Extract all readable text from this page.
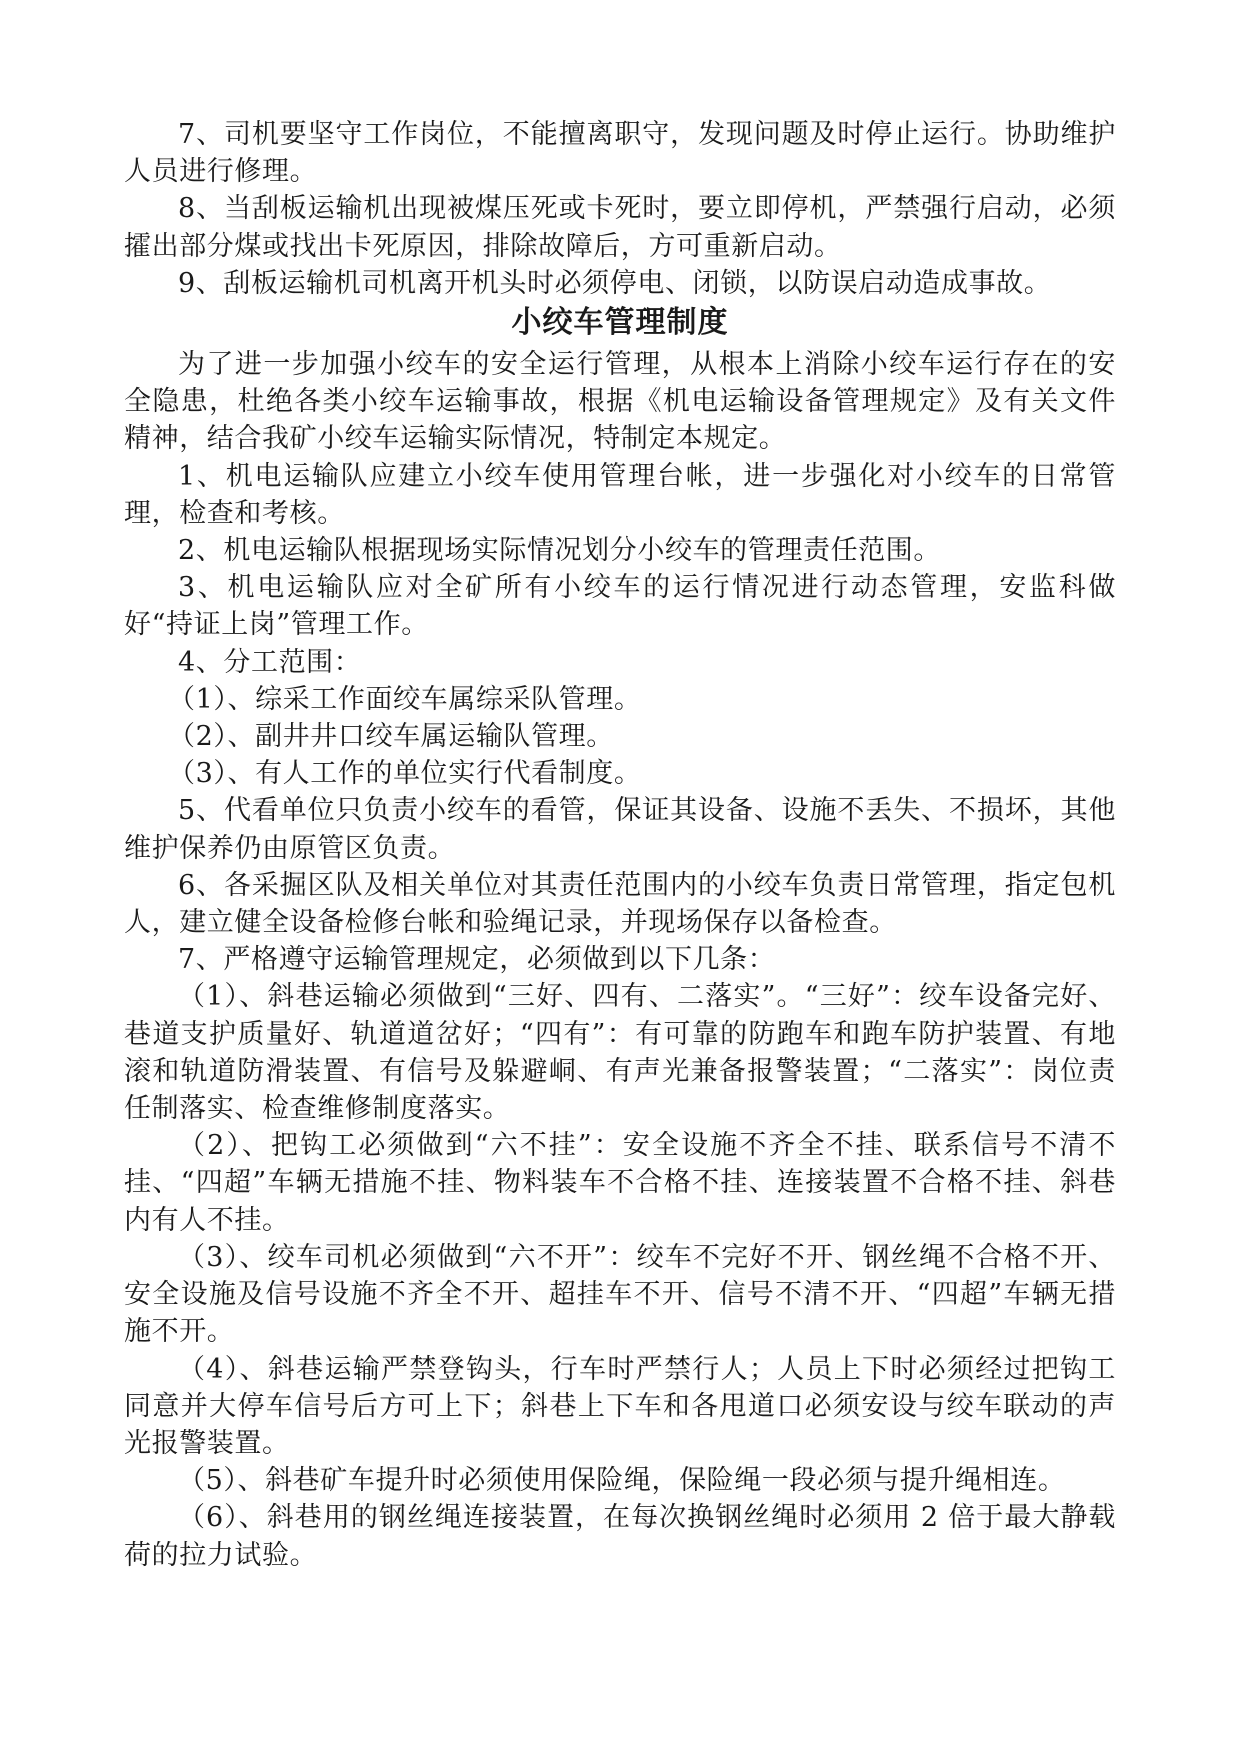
7、司机要坚守工作岗位，不能擅离职守，发现问题及时停止运行。协助维护人员进行修理。

8、当刮板运输机出现被煤压死或卡死时，要立即停机，严禁强行启动，必须攉出部分煤或找出卡死原因，排除故障后，方可重新启动。

9、刮板运输机司机离开机头时必须停电、闭锁，以防误启动造成事故。

小绞车管理制度

为了进一步加强小绞车的安全运行管理，从根本上消除小绞车运行存在的安全隐患，杜绝各类小绞车运输事故，根据《机电运输设备管理规定》及有关文件精神，结合我矿小绞车运输实际情况，特制定本规定。

1、机电运输队应建立小绞车使用管理台帐，进一步强化对小绞车的日常管理，检查和考核。

2、机电运输队根据现场实际情况划分小绞车的管理责任范围。

3、机电运输队应对全矿所有小绞车的运行情况进行动态管理，安监科做好“持证上岗”管理工作。

4、分工范围：

（1）、综采工作面绞车属综采队管理。

（2）、副井井口绞车属运输队管理。

（3）、有人工作的单位实行代看制度。

5、代看单位只负责小绞车的看管，保证其设备、设施不丢失、不损坏，其他维护保养仍由原管区负责。

6、各采掘区队及相关单位对其责任范围内的小绞车负责日常管理，指定包机人，建立健全设备检修台帐和验绳记录，并现场保存以备检查。

7、严格遵守运输管理规定，必须做到以下几条：

（1）、斜巷运输必须做到“三好、四有、二落实”。“三好”：绞车设备完好、巷道支护质量好、轨道道岔好；“四有”：有可靠的防跑车和跑车防护装置、有地滚和轨道防滑装置、有信号及躲避峒、有声光兼备报警装置；“二落实”：岗位责任制落实、检查维修制度落实。

（2）、把钩工必须做到“六不挂”：安全设施不齐全不挂、联系信号不清不挂、“四超”车辆无措施不挂、物料装车不合格不挂、连接装置不合格不挂、斜巷内有人不挂。

（3）、绞车司机必须做到“六不开”：绞车不完好不开、钢丝绳不合格不开、安全设施及信号设施不齐全不开、超挂车不开、信号不清不开、“四超”车辆无措施不开。

（4）、斜巷运输严禁登钩头，行车时严禁行人；人员上下时必须经过把钩工同意并大停车信号后方可上下；斜巷上下车和各甩道口必须安设与绞车联动的声光报警装置。

（5）、斜巷矿车提升时必须使用保险绳，保险绳一段必须与提升绳相连。

（6）、斜巷用的钢丝绳连接装置，在每次换钢丝绳时必须用 2 倍于最大静载荷的拉力试验。
